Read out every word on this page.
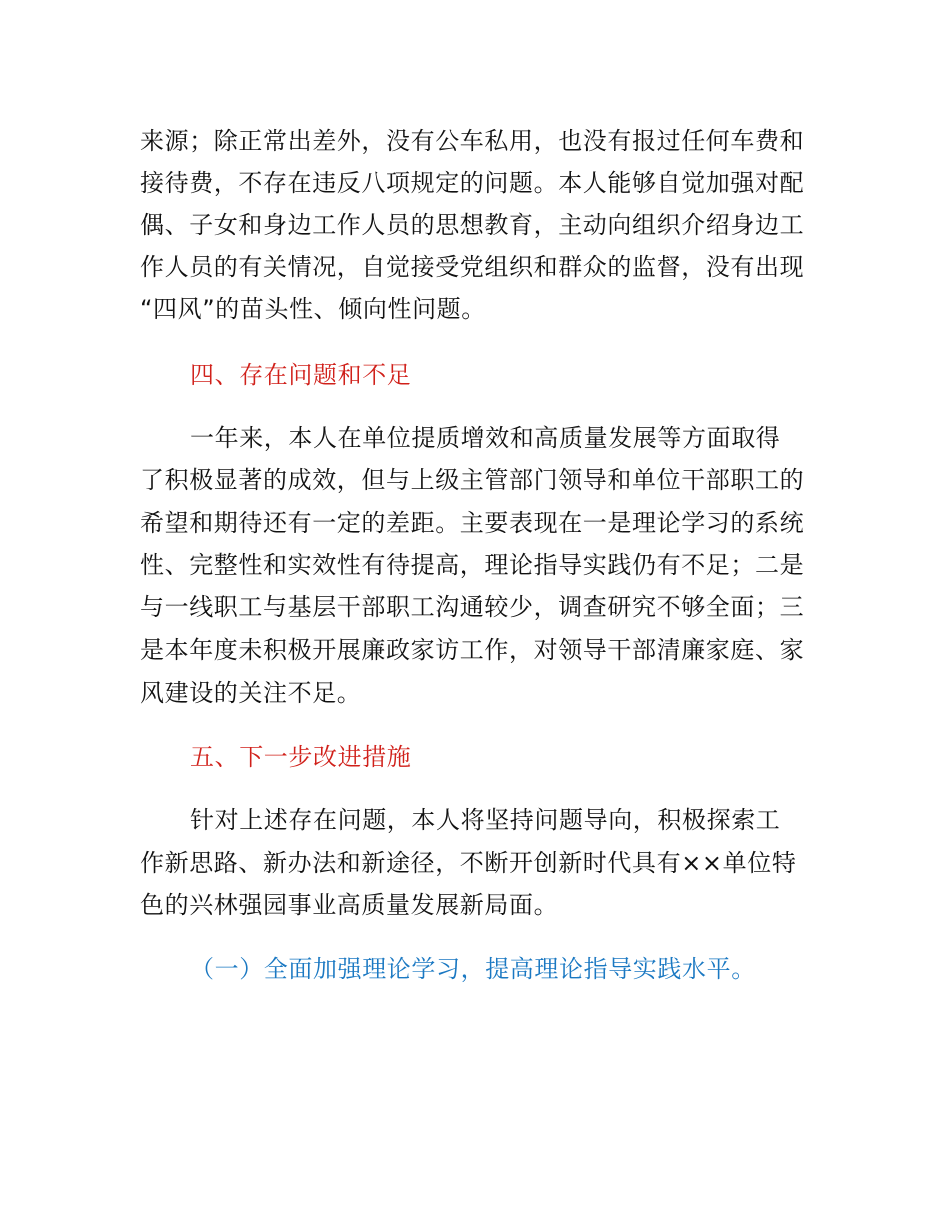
来源；除正常出差外，没有公车私用，也没有报过任何车费和
接待费，不存在违反八项规定的问题。本人能够自觉加强对配
偶、子女和身边工作人员的思想教育，主动向组织介绍身边工
作人员的有关情况，自觉接受党组织和群众的监督，没有出现
“四风”的苗头性、倾向性问题。
四、存在问题和不足
一年来，本人在单位提质增效和高质量发展等方面取得
了积极显著的成效，但与上级主管部门领导和单位干部职工的
希望和期待还有一定的差距。主要表现在一是理论学习的系统
性、完整性和实效性有待提高，理论指导实践仍有不足；二是
与一线职工与基层干部职工沟通较少，调查研究不够全面；三
是本年度未积极开展廉政家访工作，对领导干部清廉家庭、家
风建设的关注不足。
五、下一步改进措施
针对上述存在问题，本人将坚持问题导向，积极探索工
作新思路、新办法和新途径，不断开创新时代具有××单位特
色的兴林强园事业高质量发展新局面。
（一）全面加强理论学习，提高理论指导实践水平。
